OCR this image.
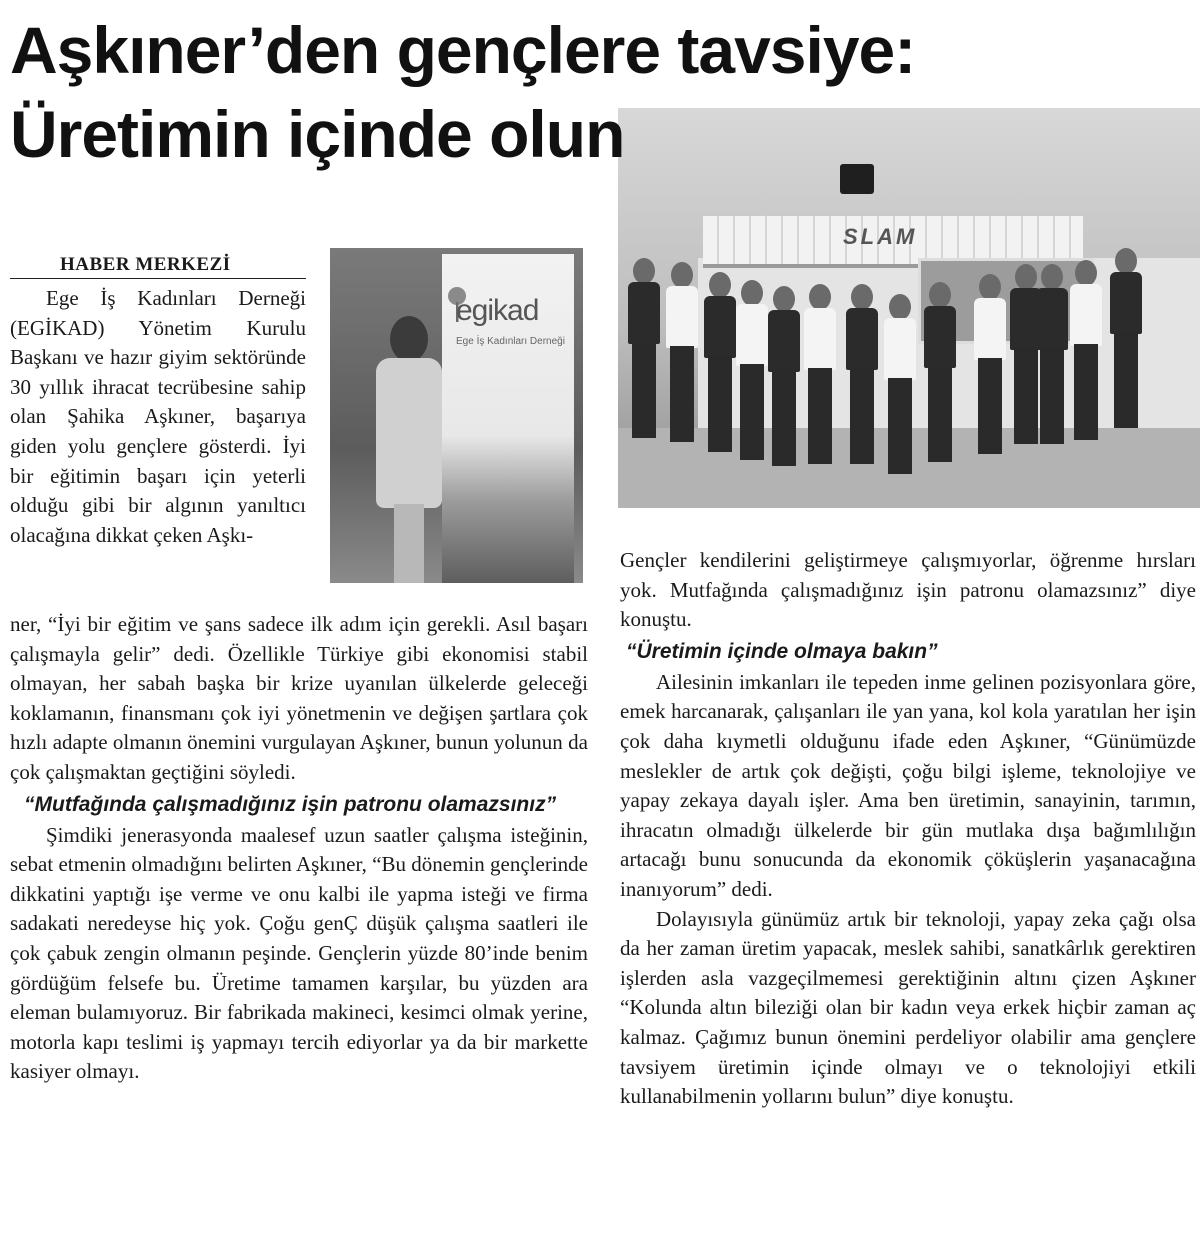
Aşkıner’den gençlere tavsiye:
Üretimin içinde olun
SLAM
egikad
Ege İş Kadınları Derneği
HABER MERKEZİ

Ege İş Kadınları Derneği (EGİKAD) Yönetim Kurulu Başkanı ve hazır giyim sektöründe 30 yıllık ihracat tecrübesine sahip olan Şahika Aşkıner, başarıya giden yolu gençlere gösterdi. İyi bir eğitimin başarı için yeterli olduğu gibi bir algının yanıltıcı olacağına dikkat çeken Aşkı-

ner, “İyi bir eğitim ve şans sadece ilk adım için gerekli. Asıl başarı çalışmayla gelir” dedi. Özellikle Türkiye gibi ekonomisi stabil olmayan, her sabah başka bir krize uyanılan ülkelerde geleceği koklamanın, finansmanı çok iyi yönetmenin ve değişen şartlara çok hızlı adapte olmanın önemini vurgulayan Aşkıner, bunun yolunun da çok çalışmaktan geçtiğini söyledi.

“Mutfağında çalışmadığınız işin patronu olamazsınız”

Şimdiki jenerasyonda maalesef uzun saatler çalışma isteğinin, sebat etmenin olmadığını belirten Aşkıner, “Bu dönemin gençlerinde dikkatini yaptığı işe verme ve onu kalbi ile yapma isteği ve firma sadakati neredeyse hiç yok. Çoğu genÇ düşük çalışma saatleri ile çok çabuk zengin olmanın peşinde. Gençlerin yüzde 80’inde benim gördüğüm felsefe bu. Üretime tamamen karşılar, bu yüzden ara eleman bulamıyoruz. Bir fabrikada makineci, kesimci olmak yerine, motorla kapı teslimi iş yapmayı tercih ediyorlar ya da bir markette kasiyer olmayı.

Gençler kendilerini geliştirmeye çalışmıyorlar, öğrenme hırsları yok. Mutfağında çalışmadığınız işin patronu olamazsınız” diye konuştu.

“Üretimin içinde olmaya bakın”

Ailesinin imkanları ile tepeden inme gelinen pozisyonlara göre, emek harcanarak, çalışanları ile yan yana, kol kola yaratılan her işin çok daha kıymetli olduğunu ifade eden Aşkıner, “Günümüzde meslekler de artık çok değişti, çoğu bilgi işleme, teknolojiye ve yapay zekaya dayalı işler. Ama ben üretimin, sanayinin, tarımın, ihracatın olmadığı ülkelerde bir gün mutlaka dışa bağımlılığın artacağı bunu sonucunda da ekonomik çöküşlerin yaşanacağına inanıyorum” dedi.

Dolayısıyla günümüz artık bir teknoloji, yapay zeka çağı olsa da her zaman üretim yapacak, meslek sahibi, sanatkârlık gerektiren işlerden asla vazgeçilmemesi gerektiğinin altını çizen Aşkıner “Kolunda altın bileziği olan bir kadın veya erkek hiçbir zaman aç kalmaz. Çağımız bunun önemini perdeliyor olabilir ama gençlere tavsiyem üretimin içinde olmayı ve o teknolojiyi etkili kullanabilmenin yollarını bulun” diye konuştu.
